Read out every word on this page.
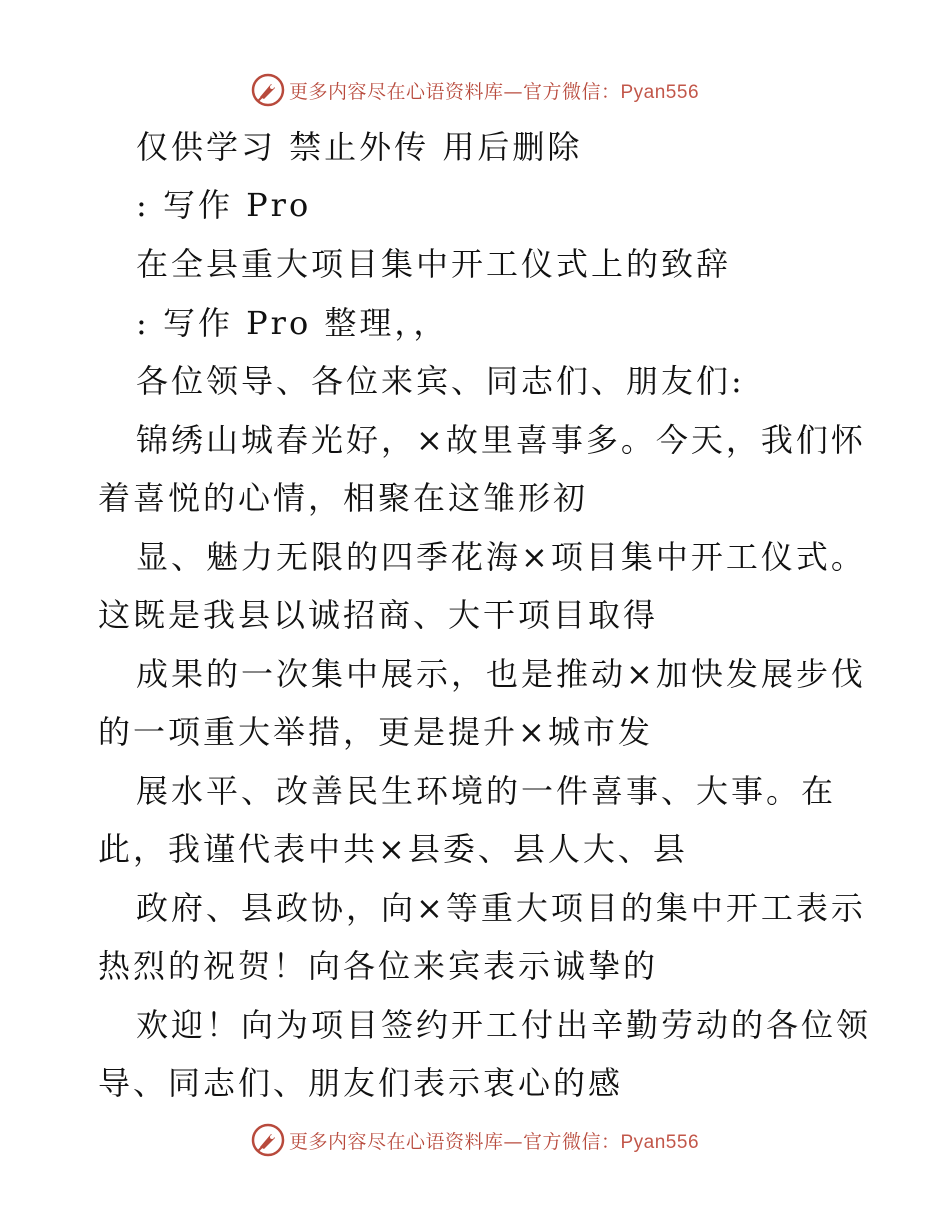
更多内容尽在心语资料库—官方微信：Pyan556
仅供学习 禁止外传 用后删除
: 写作 Pro
在全县重大项目集中开工仪式上的致辞
: 写作 Pro 整理，，
各位领导、各位来宾、同志们、朋友们:
锦绣山城春光好，×故里喜事多。今天，我们怀
着喜悦的心情，相聚在这雏形初
显、魅力无限的四季花海×项目集中开工仪式。
这既是我县以诚招商、大干项目取得
成果的一次集中展示，也是推动×加快发展步伐
的一项重大举措，更是提升×城市发
展水平、改善民生环境的一件喜事、大事。在
此，我谨代表中共×县委、县人大、县
政府、县政协，向×等重大项目的集中开工表示
热烈的祝贺！向各位来宾表示诚挚的
欢迎！向为项目签约开工付出辛勤劳动的各位领
导、同志们、朋友们表示衷心的感
更多内容尽在心语资料库—官方微信：Pyan556
